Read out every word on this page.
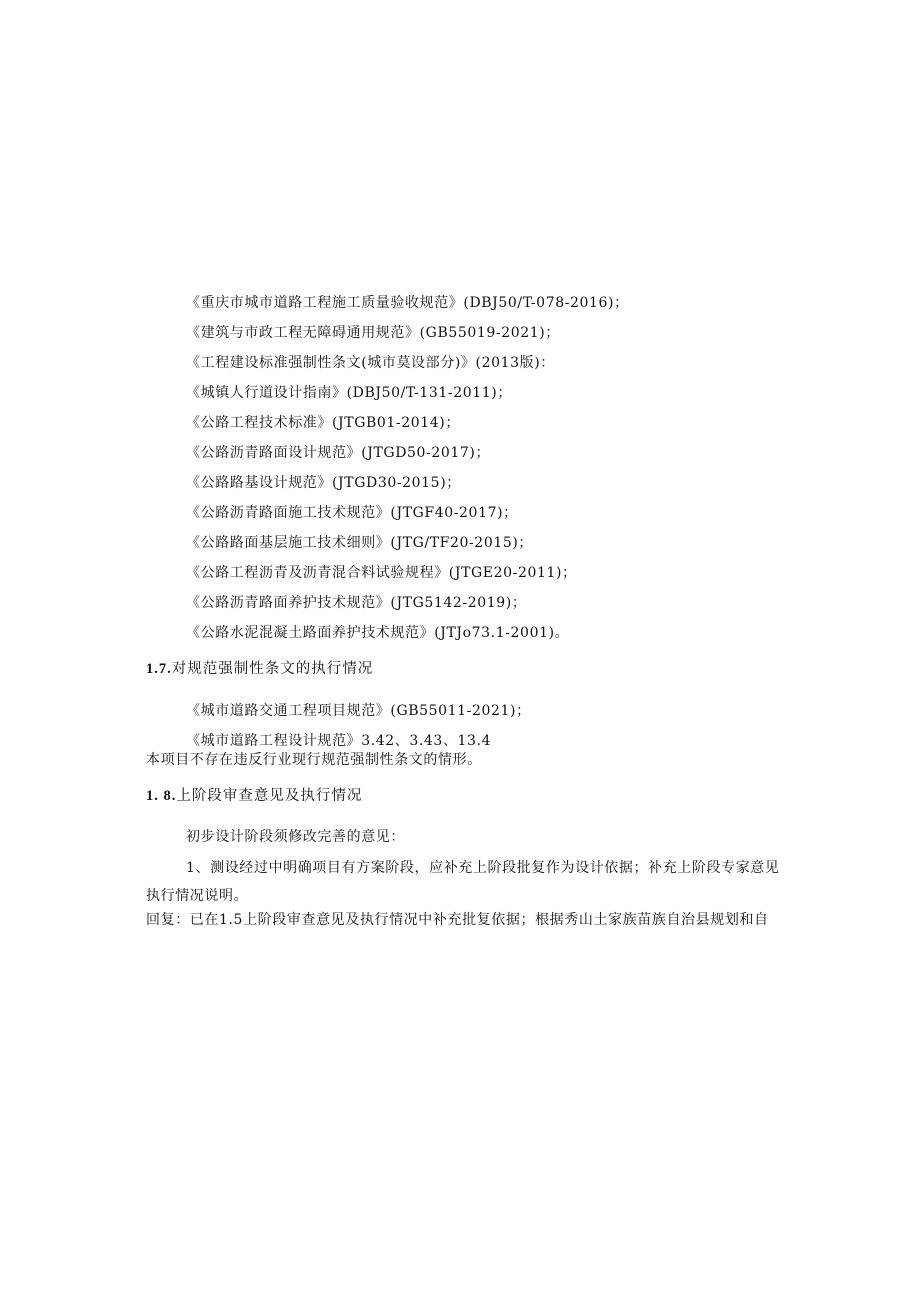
《重庆市城市道路工程施工质量验收规范》(DBJ50/T-078-2016)；
《建筑与市政工程无障碍通用规范》(GB55019-2021)；
《工程建设标准强制性条文(城市莫设部分)》(2013版)：
《城镇人行道设计指南》(DBJ50/T-131-2011)；
《公路工程技术标准》(JTGB01-2014)；
《公路沥青路面设计规范》(JTGD50-2017)；
《公路路基设计规范》(JTGD30-2015)；
《公路沥青路面施工技术规范》(JTGF40-2017)；
《公路路面基层施工技术细则》(JTG/TF20-2015)；
《公路工程沥青及沥青混合料试验规程》(JTGE20-2011)；
《公路沥青路面养护技术规范》(JTG5142-2019)；
《公路水泥混凝土路面养护技术规范》(JTJo73.1-2001)。
1.7.对规范强制性条文的执行情况
《城市道路交通工程项目规范》(GB55011-2021)；
《城市道路工程设计规范》3.42、3.43、13.4
本项目不存在违反行业现行规范强制性条文的情形。
1. 8.上阶段审查意见及执行情况
初步设计阶段须修改完善的意见：
1、测设经过中明确项目有方案阶段，应补充上阶段批复作为设计依据；补充上阶段专家意见
执行情况说明。
回复：已在1.5上阶段审查意见及执行情况中补充批复依据；根据秀山土家族苗族自治县规划和自
